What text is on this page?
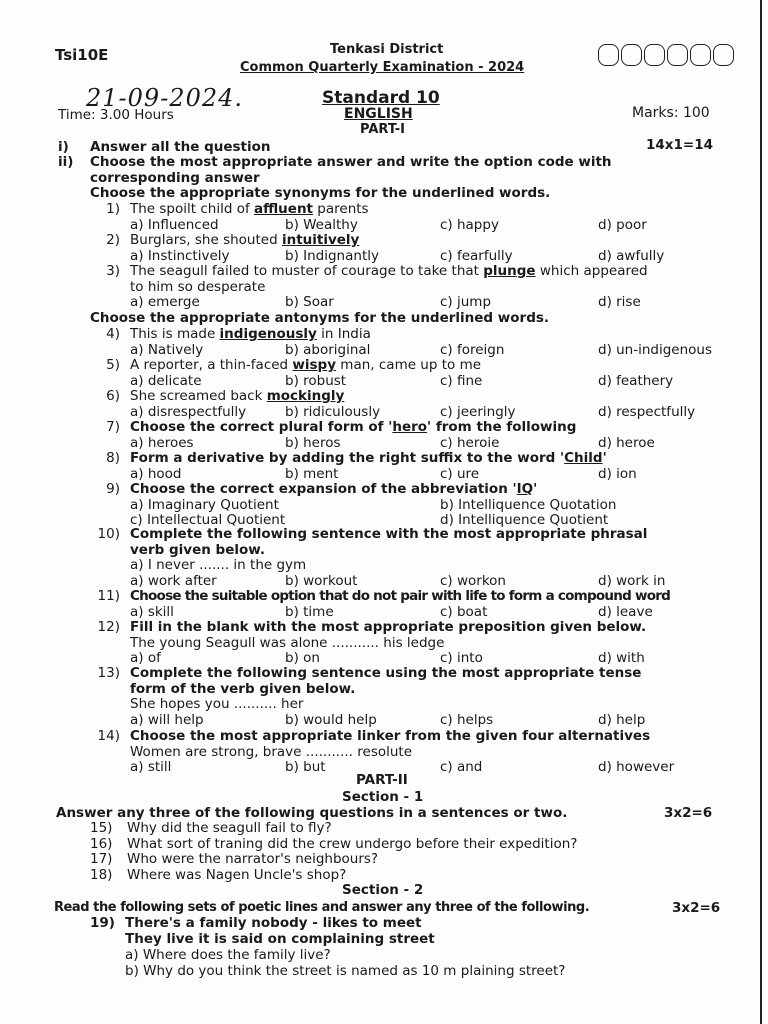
Tsi10E	Tenkasi District
Common Quarterly Examination - 2024
21-09-2024.
Time: 3.00 Hours
Standard 10
ENGLISH	Marks: 100
PART-I
i) Answer all the question	14x1=14
ii) Choose the most appropriate answer and write the option code with
corresponding answer
Choose the appropriate synonyms for the underlined words.
Choose the appropriate antonyms for the underlined words.
1) The spoilt child of affluent parents
a) Influenced	b) Wealthy	c) happy	d) poor
2) Burglars, she shouted intuitively
a) Instinctively	b) Indignantly	c) fearfully	d) awfully
3) The seagull failed to muster of courage to take that plunge which appeared
to him so desperate
a) emerge	b) Soar	c) jump	d) rise
4) This is made indigenously in India
a) Natively	b) aboriginal	c) foreign	d) un-indigenous
5) A reporter, a thin-faced wispy man, came up to me
a) delicate	b) robust	c) fine	d) feathery
6) She screamed back mockingly
a) disrespectfully	b) ridiculously	c) jeeringly	d) respectfully
7) Choose the correct plural form of 'hero' from the following
a) heroes	b) heros	c) heroie	d) heroe
8) Form a derivative by adding the right suffix to the word 'Child'
a) hood	b) ment	c) ure	d) ion
9) Choose the correct expansion of the abbreviation 'IQ'
a) Imaginary Quotient	b) Intelliquence Quotation
c) Intellectual Quotient	d) Intelliquence Quotient
10) Complete the following sentence with the most appropriate phrasal
verb given below.
a) I never ....... in the gym
a) work after	b) workout	c) workon	d) work in
11) Choose the suitable option that do not pair with life to form a compound word
a) skill	b) time	c) boat	d) leave
12) Fill in the blank with the most appropriate preposition given below.
The young Seagull was alone ........... his ledge
a) of	b) on	c) into	d) with
13) Complete the following sentence using the most appropriate tense
form of the verb given below.
She hopes you .......... her
a) will help	b) would help	c) helps	d) help
14) Choose the most appropriate linker from the given four alternatives
Women are strong, brave ........... resolute
a) still	b) but	c) and	d) however
PART-II
Section - 1
Answer any three of the following questions in a sentences or two.	3x2=6
15) Why did the seagull fail to fly?
16) What sort of traning did the crew undergo before their expedition?
17) Who were the narrator's neighbours?
18) Where was Nagen Uncle's shop?
Section - 2
Read the following sets of poetic lines and answer any three of the following.	3x2=6
19) There's a family nobody - likes to meet
They live it is said on complaining street
a) Where does the family live?
b) Why do you think the street is named as 10 m plaining street?
